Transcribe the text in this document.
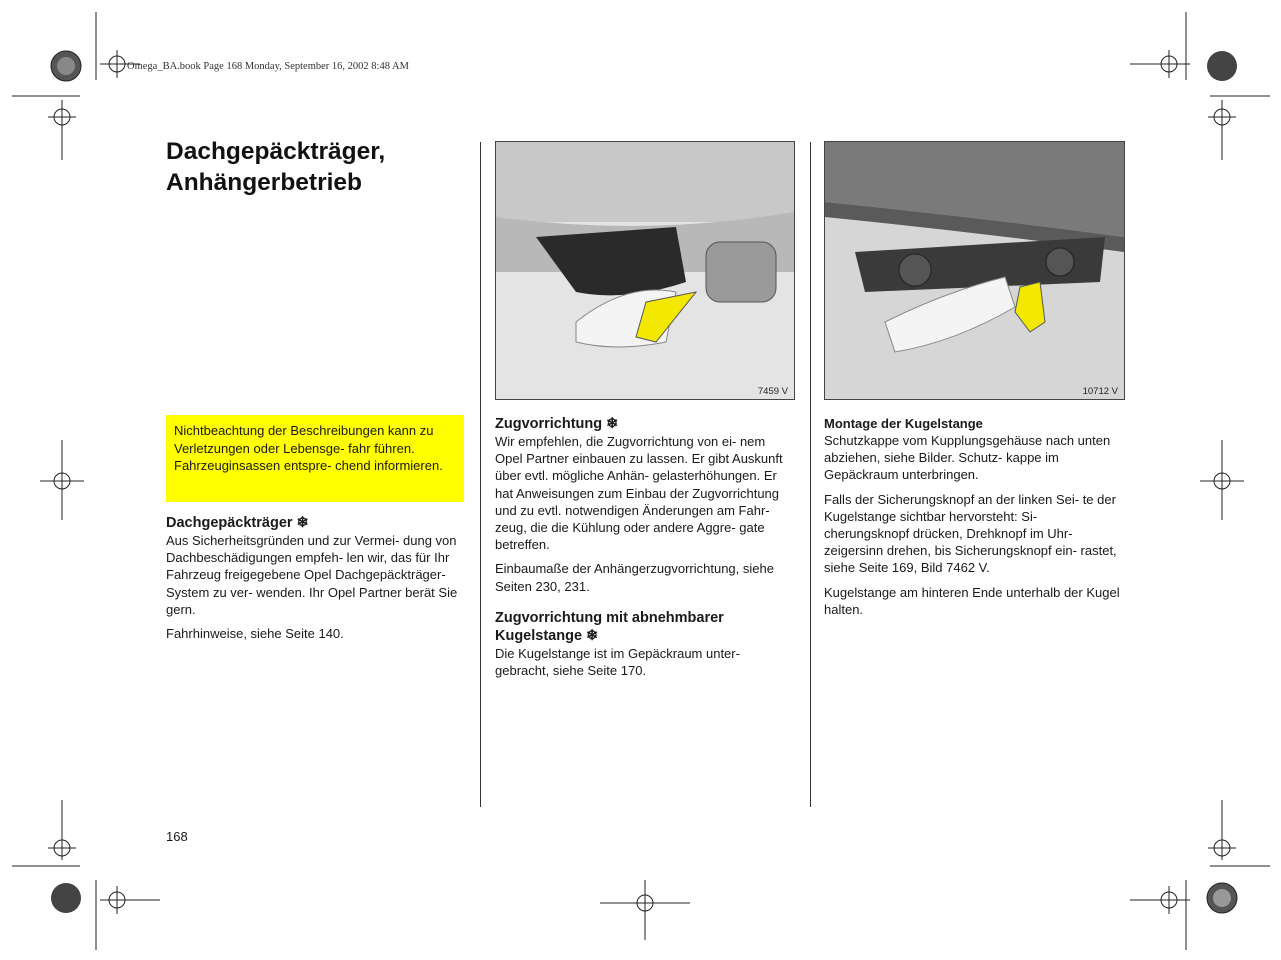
Omega_BA.book Page 168 Monday, September 16, 2002 8:48 AM
Dachgepäckträger,
Anhängerbetrieb
Nichtbeachtung der Beschreibungen kann zu Verletzungen oder Lebensge- fahr führen. Fahrzeuginsassen entspre- chend informieren.
Dachgepäckträger ❄

Aus Sicherheitsgründen und zur Vermei- dung von Dachbeschädigungen empfeh- len wir, das für Ihr Fahrzeug freigegebene Opel Dachgepäckträger-System zu ver- wenden. Ihr Opel Partner berät Sie gern.

Fahrhinweise, siehe Seite 140.

7459 V	10712 V
Zugvorrichtung ❄

Wir empfehlen, die Zugvorrichtung von ei- nem Opel Partner einbauen zu lassen. Er gibt Auskunft über evtl. mögliche Anhän- gelasterhöhungen. Er hat Anweisungen zum Einbau der Zugvorrichtung und zu evtl. notwendigen Änderungen am Fahr- zeug, die die Kühlung oder andere Aggre- gate betreffen.

Einbaumaße der Anhängerzugvorrichtung, siehe Seiten 230, 231.

Zugvorrichtung mit abnehmbarer Kugelstange ❄

Die Kugelstange ist im Gepäckraum unter- gebracht, siehe Seite 170.

Montage der Kugelstange

Schutzkappe vom Kupplungsgehäuse nach unten abziehen, siehe Bilder. Schutz- kappe im Gepäckraum unterbringen.

Falls der Sicherungsknopf an der linken Sei- te der Kugelstange sichtbar hervorsteht: Si- cherungsknopf drücken, Drehknopf im Uhr- zeigersinn drehen, bis Sicherungsknopf ein- rastet, siehe Seite 169, Bild 7462 V.

Kugelstange am hinteren Ende unterhalb der Kugel halten.

168
